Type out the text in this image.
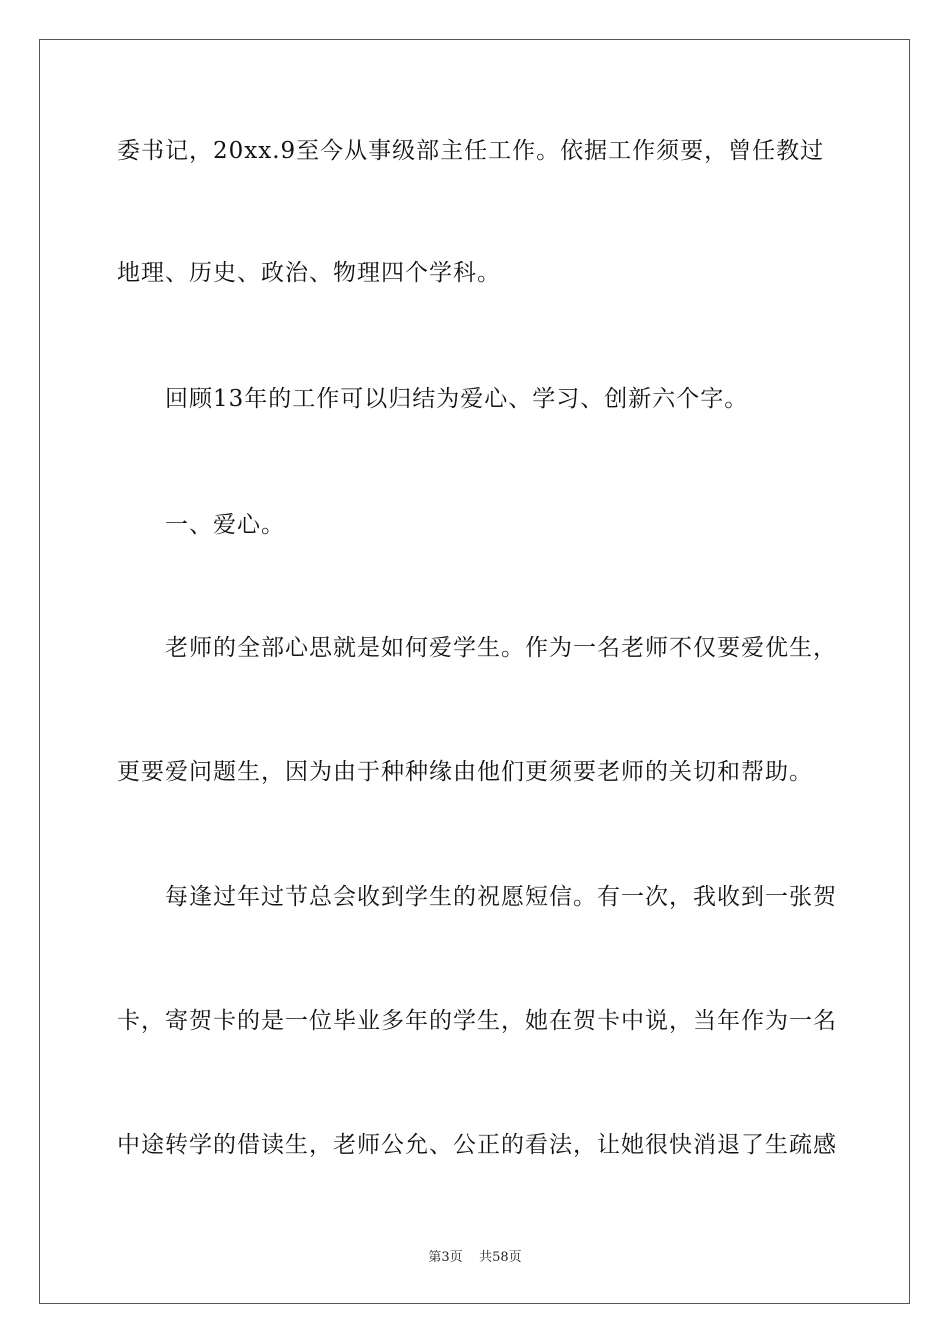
委书记，20xx.9至今从事级部主任工作。依据工作须要，曾任教过
地理、历史、政治、物理四个学科。
回顾13年的工作可以归结为爱心、学习、创新六个字。
一、爱心。
老师的全部心思就是如何爱学生。作为一名老师不仅要爱优生，
更要爱问题生，因为由于种种缘由他们更须要老师的关切和帮助。
每逢过年过节总会收到学生的祝愿短信。有一次，我收到一张贺
卡，寄贺卡的是一位毕业多年的学生，她在贺卡中说，当年作为一名
中途转学的借读生，老师公允、公正的看法，让她很快消退了生疏感
第3页 共58页
